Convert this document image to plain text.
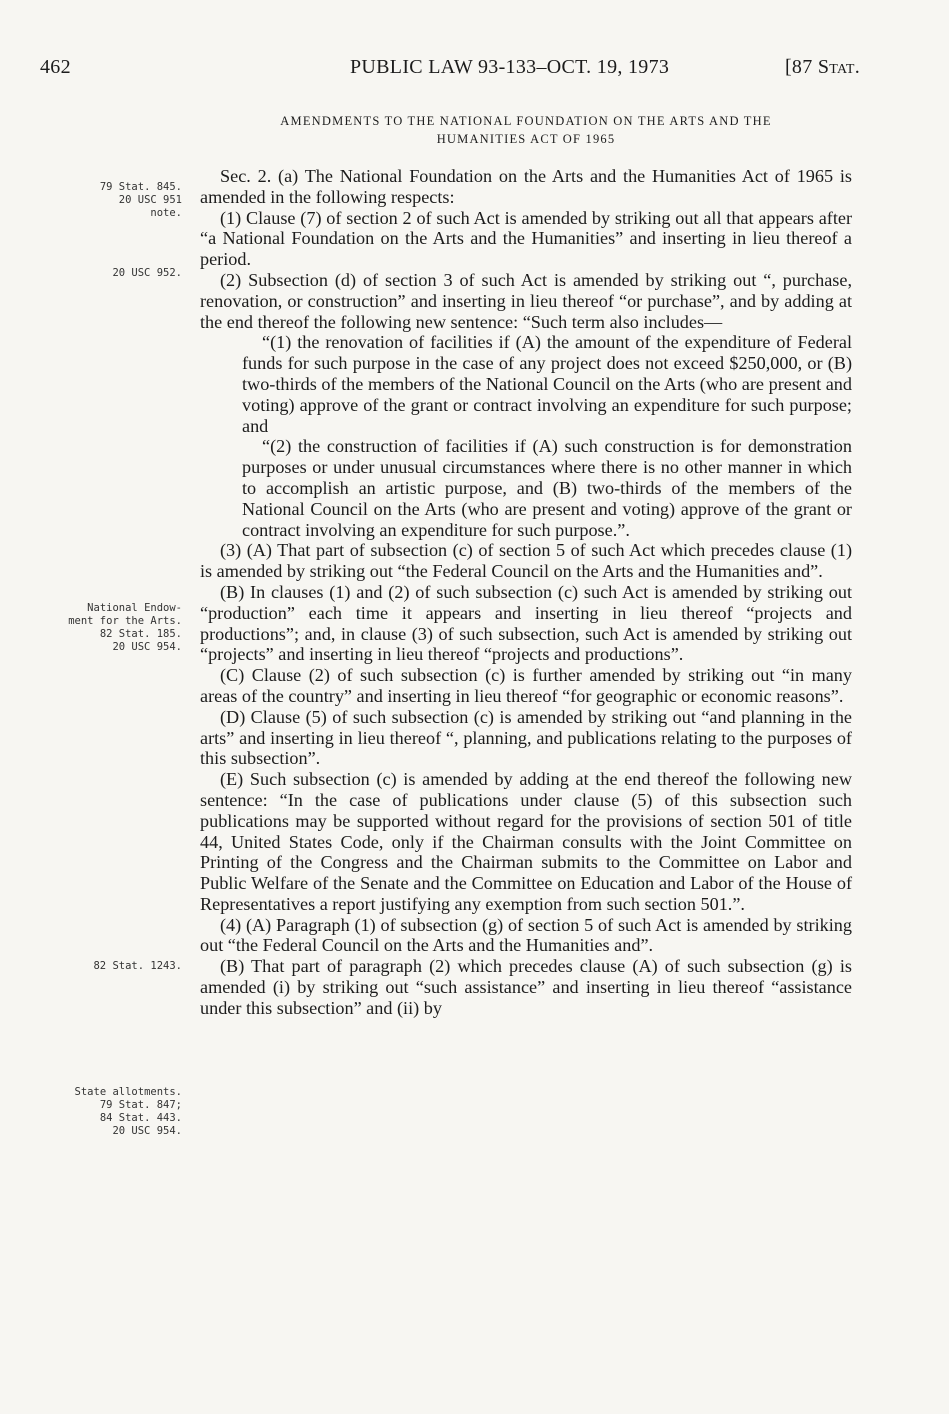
462	PUBLIC LAW 93-133–OCT. 19, 1973	[87 Stat.
AMENDMENTS TO THE NATIONAL FOUNDATION ON THE ARTS AND THE
HUMANITIES ACT OF 1965
79 Stat. 845.
20 USC 951
note.
20 USC 952.
National Endow-
ment for the Arts.
82 Stat. 185.
20 USC 954.
82 Stat. 1243.
State allotments.
79 Stat. 847;
84 Stat. 443.
20 USC 954.

Sec. 2. (a) The National Foundation on the Arts and the Humanities Act of 1965 is amended in the following respects:

(1) Clause (7) of section 2 of such Act is amended by striking out all that appears after “a National Foundation on the Arts and the Humanities” and inserting in lieu thereof a period.

(2) Subsection (d) of section 3 of such Act is amended by striking out “, purchase, renovation, or construction” and inserting in lieu thereof “or purchase”, and by adding at the end thereof the following new sentence: “Such term also includes—

“(1) the renovation of facilities if (A) the amount of the expenditure of Federal funds for such purpose in the case of any project does not exceed $250,000, or (B) two-thirds of the members of the National Council on the Arts (who are present and voting) approve of the grant or contract involving an expenditure for such purpose; and

“(2) the construction of facilities if (A) such construction is for demonstration purposes or under unusual circumstances where there is no other manner in which to accomplish an artistic purpose, and (B) two-thirds of the members of the National Council on the Arts (who are present and voting) approve of the grant or contract involving an expenditure for such purpose.”.

(3) (A) That part of subsection (c) of section 5 of such Act which precedes clause (1) is amended by striking out “the Federal Council on the Arts and the Humanities and”.

(B) In clauses (1) and (2) of such subsection (c) such Act is amended by striking out “production” each time it appears and inserting in lieu thereof “projects and productions”; and, in clause (3) of such subsection, such Act is amended by striking out “projects” and inserting in lieu thereof “projects and productions”.

(C) Clause (2) of such subsection (c) is further amended by striking out “in many areas of the country” and inserting in lieu thereof “for geographic or economic reasons”.

(D) Clause (5) of such subsection (c) is amended by striking out “and planning in the arts” and inserting in lieu thereof “, planning, and publications relating to the purposes of this subsection”.

(E) Such subsection (c) is amended by adding at the end thereof the following new sentence: “In the case of publications under clause (5) of this subsection such publications may be supported without regard for the provisions of section 501 of title 44, United States Code, only if the Chairman consults with the Joint Committee on Printing of the Congress and the Chairman submits to the Committee on Labor and Public Welfare of the Senate and the Committee on Education and Labor of the House of Representatives a report justifying any exemption from such section 501.”.

(4) (A) Paragraph (1) of subsection (g) of section 5 of such Act is amended by striking out “the Federal Council on the Arts and the Humanities and”.

(B) That part of paragraph (2) which precedes clause (A) of such subsection (g) is amended (i) by striking out “such assistance” and inserting in lieu thereof “assistance under this subsection” and (ii) by
